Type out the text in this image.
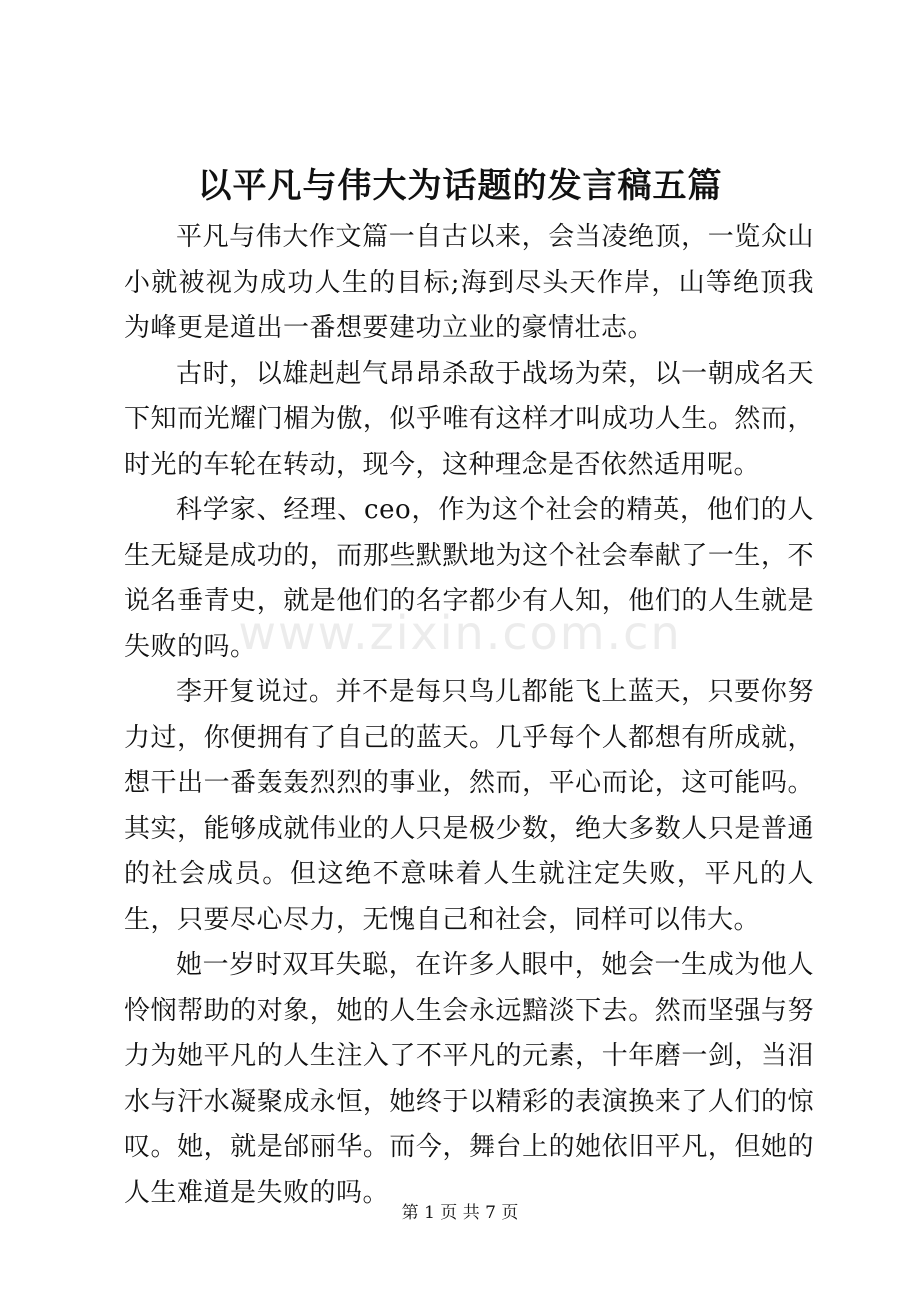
以平凡与伟大为话题的发言稿五篇

平凡与伟大作文篇一自古以来，会当凌绝顶，一览众山小就被视为成功人生的目标;海到尽头天作岸，山等绝顶我为峰更是道出一番想要建功立业的豪情壮志。

古时，以雄赳赳气昂昂杀敌于战场为荣，以一朝成名天下知而光耀门楣为傲，似乎唯有这样才叫成功人生。然而，时光的车轮在转动，现今，这种理念是否依然适用呢。

科学家、经理、ceo，作为这个社会的精英，他们的人生无疑是成功的，而那些默默地为这个社会奉献了一生，不说名垂青史，就是他们的名字都少有人知，他们的人生就是失败的吗。

李开复说过。并不是每只鸟儿都能飞上蓝天，只要你努力过，你便拥有了自己的蓝天。几乎每个人都想有所成就，想干出一番轰轰烈烈的事业，然而，平心而论，这可能吗。其实，能够成就伟业的人只是极少数，绝大多数人只是普通的社会成员。但这绝不意味着人生就注定失败，平凡的人生，只要尽心尽力，无愧自己和社会，同样可以伟大。

她一岁时双耳失聪，在许多人眼中，她会一生成为他人怜悯帮助的对象，她的人生会永远黯淡下去。然而坚强与努力为她平凡的人生注入了不平凡的元素，十年磨一剑，当泪水与汗水凝聚成永恒，她终于以精彩的表演换来了人们的惊叹。她，就是邰丽华。而今，舞台上的她依旧平凡，但她的人生难道是失败的吗。

www.zixin.com.cn
第 1 页 共 7 页
